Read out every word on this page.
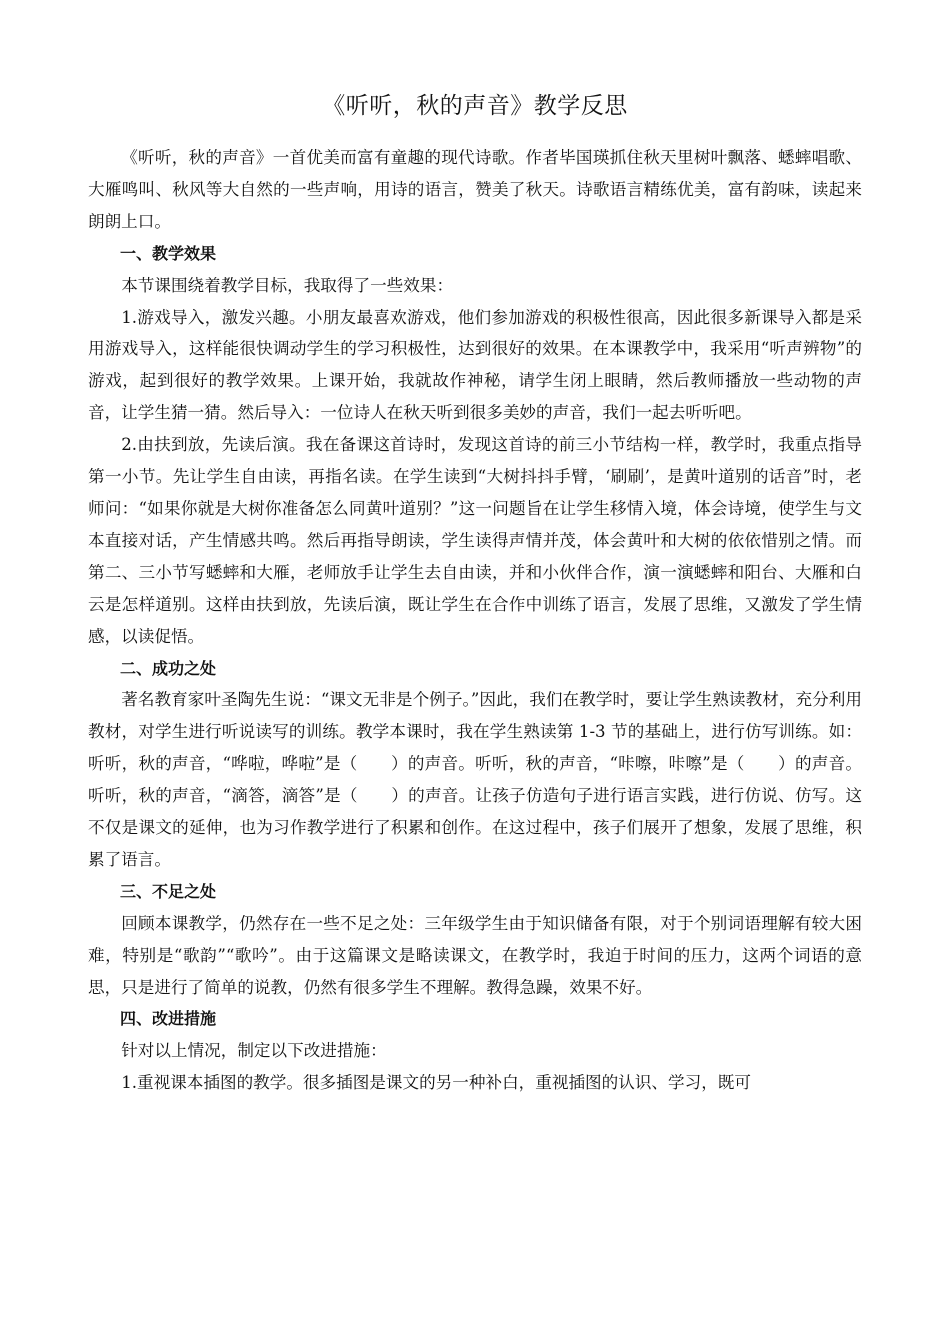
《听听，秋的声音》教学反思

《听听，秋的声音》一首优美而富有童趣的现代诗歌。作者毕国瑛抓住秋天里树叶飘落、蟋蟀唱歌、大雁鸣叫、秋风等大自然的一些声响，用诗的语言，赞美了秋天。诗歌语言精练优美，富有韵味，读起来朗朗上口。

一、教学效果

本节课围绕着教学目标，我取得了一些效果：

1.游戏导入，激发兴趣。小朋友最喜欢游戏，他们参加游戏的积极性很高，因此很多新课导入都是采用游戏导入，这样能很快调动学生的学习积极性，达到很好的效果。在本课教学中，我采用“听声辨物”的游戏，起到很好的教学效果。上课开始，我就故作神秘，请学生闭上眼睛，然后教师播放一些动物的声音，让学生猜一猜。然后导入：一位诗人在秋天听到很多美妙的声音，我们一起去听听吧。

2.由扶到放，先读后演。我在备课这首诗时，发现这首诗的前三小节结构一样，教学时，我重点指导第一小节。先让学生自由读，再指名读。在学生读到“大树抖抖手臂，‘刷刷’，是黄叶道别的话音”时，老师问：“如果你就是大树你准备怎么同黄叶道别？”这一问题旨在让学生移情入境，体会诗境，使学生与文本直接对话，产生情感共鸣。然后再指导朗读，学生读得声情并茂，体会黄叶和大树的依依惜别之情。而第二、三小节写蟋蟀和大雁，老师放手让学生去自由读，并和小伙伴合作，演一演蟋蟀和阳台、大雁和白云是怎样道别。这样由扶到放，先读后演，既让学生在合作中训练了语言，发展了思维，又激发了学生情感，以读促悟。

二、成功之处

著名教育家叶圣陶先生说：“课文无非是个例子。”因此，我们在教学时，要让学生熟读教材，充分利用教材，对学生进行听说读写的训练。教学本课时，我在学生熟读第 1-3 节的基础上，进行仿写训练。如：听听，秋的声音，“哗啦，哗啦”是（　　）的声音。听听，秋的声音，“咔嚓，咔嚓”是（　　）的声音。听听，秋的声音，“滴答，滴答”是（　　）的声音。让孩子仿造句子进行语言实践，进行仿说、仿写。这不仅是课文的延伸，也为习作教学进行了积累和创作。在这过程中，孩子们展开了想象，发展了思维，积累了语言。

三、不足之处

回顾本课教学，仍然存在一些不足之处：三年级学生由于知识储备有限，对于个别词语理解有较大困难，特别是“歌韵”“歌吟”。由于这篇课文是略读课文，在教学时，我迫于时间的压力，这两个词语的意思，只是进行了简单的说教，仍然有很多学生不理解。教得急躁，效果不好。

四、改进措施

针对以上情况，制定以下改进措施：

1.重视课本插图的教学。很多插图是课文的另一种补白，重视插图的认识、学习，既可
